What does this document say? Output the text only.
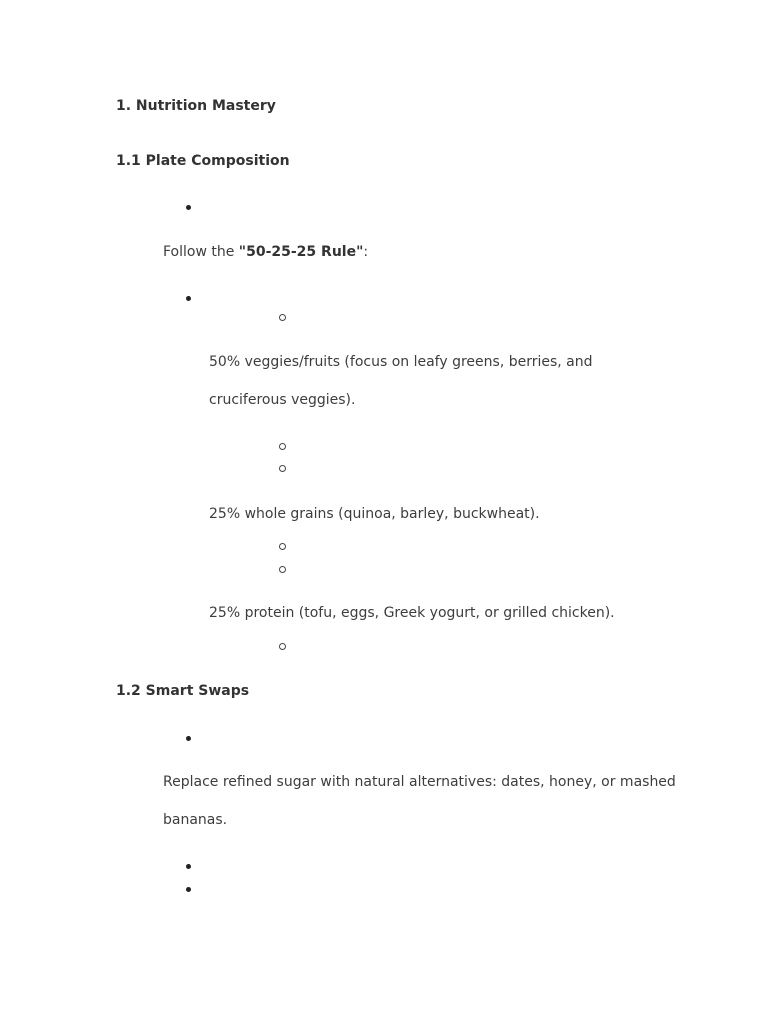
1. Nutrition Mastery
1.1 Plate Composition
Follow the "50-25-25 Rule":
50% veggies/fruits (focus on leafy greens, berries, and
cruciferous veggies).
25% whole grains (quinoa, barley, buckwheat).
25% protein (tofu, eggs, Greek yogurt, or grilled chicken).
1.2 Smart Swaps
Replace refined sugar with natural alternatives: dates, honey, or mashed
bananas.
